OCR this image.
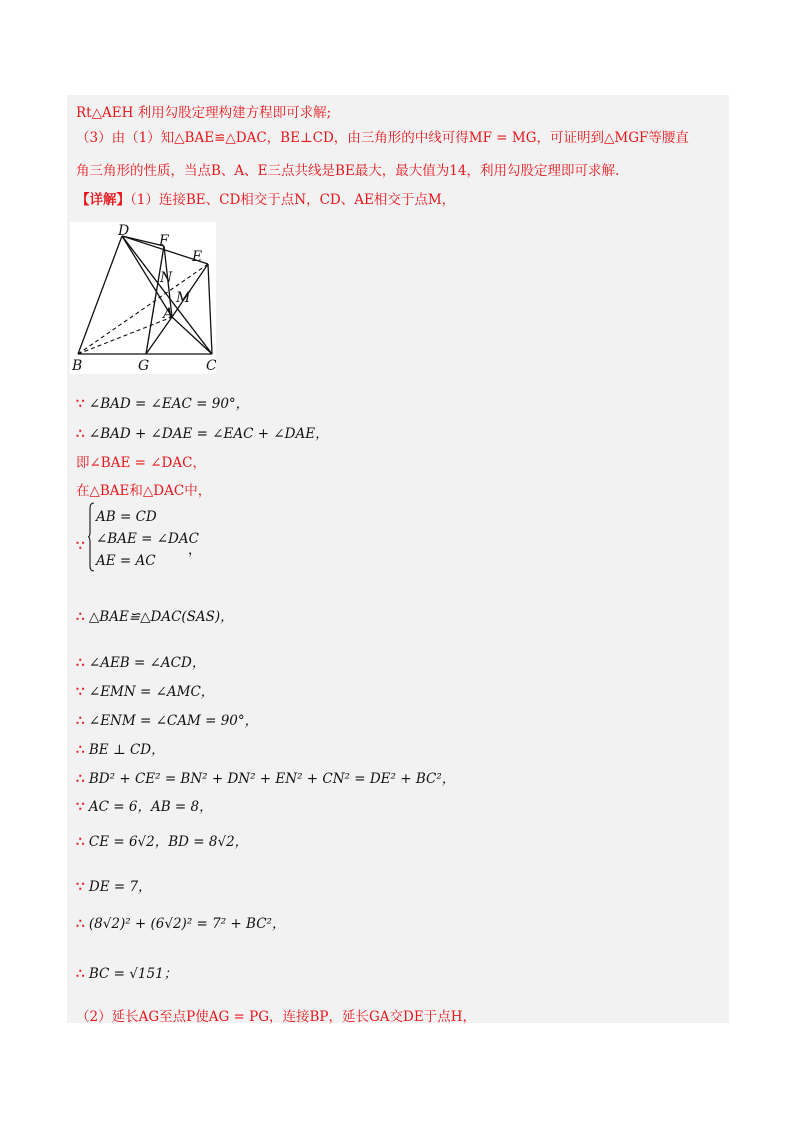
Rt△AEH 利用勾股定理构建方程即可求解;
（3）由（1）知△BAE≌△DAC，BE⊥CD，由三角形的中线可得MF = MG，可证明到△MGF等腰直
角三角形的性质，当点B、A、E三点共线是BE最大，最大值为14，利用勾股定理即可求解.
【详解】（1）连接BE、CD相交于点N，CD、AE相交于点M，
D
F
E
N
M
A
B	G	C
∵ ∠BAD = ∠EAC = 90°，
∴ ∠BAD + ∠DAE = ∠EAC + ∠DAE，
即∠BAE = ∠DAC，
在△BAE和△DAC中，
∵
AB = CD
∠BAE = ∠DAC
AE = AC
，
∴ △BAE≌△DAC(SAS)，
∴ ∠AEB = ∠ACD，
∵ ∠EMN = ∠AMC，
∴ ∠ENM = ∠CAM = 90°，
∴ BE ⊥ CD，
∴ BD² + CE² = BN² + DN² + EN² + CN² = DE² + BC²，
∵ AC = 6，AB = 8，
∴ CE = 6√2，BD = 8√2，
∵ DE = 7，
∴ (8√2)² + (6√2)² = 7² + BC²，
∴ BC = √151；
（2）延长AG至点P使AG = PG，连接BP，延长GA交DE于点H，
